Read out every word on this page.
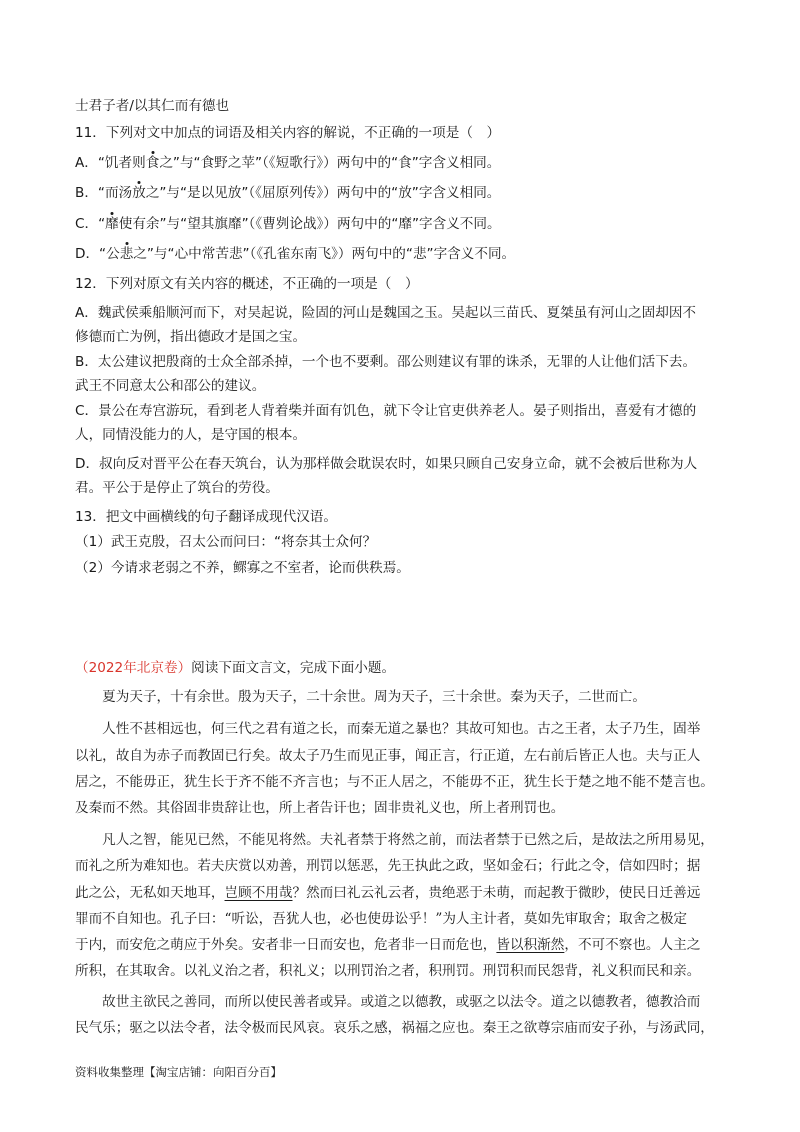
士君子者/以其仁而有德也
11．下列对文中加点的词语及相关内容的解说，不正确的一项是（　）
A．“饥者则食之”与“食野之苹”（《短歌行》）两句中的“食”字含义相同。
B．“而汤放之”与“是以见放”（《屈原列传》）两句中的“放”字含义相同。
C．“靡使有余”与“望其旗靡”（《曹刿论战》）两句中的“靡”字含义不同。
D．“公悲之”与“心中常苦悲”（《孔雀东南飞》）两句中的“悲”字含义不同。
12．下列对原文有关内容的概述，不正确的一项是（　）
A．魏武侯乘船顺河而下，对吴起说，险固的河山是魏国之玉。吴起以三苗氏、夏桀虽有河山之固却因不
修德而亡为例，指出德政才是国之宝。
B．太公建议把殷商的士众全部杀掉，一个也不要剩。邵公则建议有罪的诛杀，无罪的人让他们活下去。
武王不同意太公和邵公的建议。
C．景公在寿宫游玩，看到老人背着柴并面有饥色，就下令让官吏供养老人。晏子则指出，喜爱有才德的
人，同情没能力的人，是守国的根本。
D．叔向反对晋平公在春天筑台，认为那样做会耽误农时，如果只顾自己安身立命，就不会被后世称为人
君。平公于是停止了筑台的劳役。
13．把文中画横线的句子翻译成现代汉语。
（1）武王克殷，召太公而问曰：“将奈其士众何？
（2）今请求老弱之不养，鳏寡之不室者，论而供秩焉。
（2022年北京卷）阅读下面文言文，完成下面小题。
　　夏为天子，十有余世。殷为天子，二十余世。周为天子，三十余世。秦为天子，二世而亡。
　　人性不甚相远也，何三代之君有道之长，而秦无道之暴也？其故可知也。古之王者，太子乃生，固举
以礼，故自为赤子而教固已行矣。故太子乃生而见正事，闻正言，行正道，左右前后皆正人也。夫与正人
居之，不能毋正，犹生长于齐不能不齐言也；与不正人居之，不能毋不正，犹生长于楚之地不能不楚言也。
及秦而不然。其俗固非贵辞让也，所上者告讦也；固非贵礼义也，所上者刑罚也。
　　凡人之智，能见已然，不能见将然。夫礼者禁于将然之前，而法者禁于已然之后，是故法之所用易见，
而礼之所为难知也。若夫庆赏以劝善，刑罚以惩恶，先王执此之政，坚如金石；行此之令，信如四时；据
此之公，无私如天地耳，岂顾不用哉？然而曰礼云礼云者，贵绝恶于未萌，而起教于微眇，使民日迁善远
罪而不自知也。孔子曰：“听讼，吾犹人也，必也使毋讼乎！”为人主计者，莫如先审取舍；取舍之极定
于内，而安危之萌应于外矣。安者非一日而安也，危者非一日而危也，皆以积渐然，不可不察也。人主之
所积，在其取舍。以礼义治之者，积礼义；以刑罚治之者，积刑罚。刑罚积而民怨背，礼义积而民和亲。
　　故世主欲民之善同，而所以使民善者或异。或道之以德教，或驱之以法令。道之以德教者，德教洽而
民气乐；驱之以法令者，法令极而民风哀。哀乐之感，祸福之应也。秦王之欲尊宗庙而安子孙，与汤武同，
资料收集整理【淘宝店铺：向阳百分百】
